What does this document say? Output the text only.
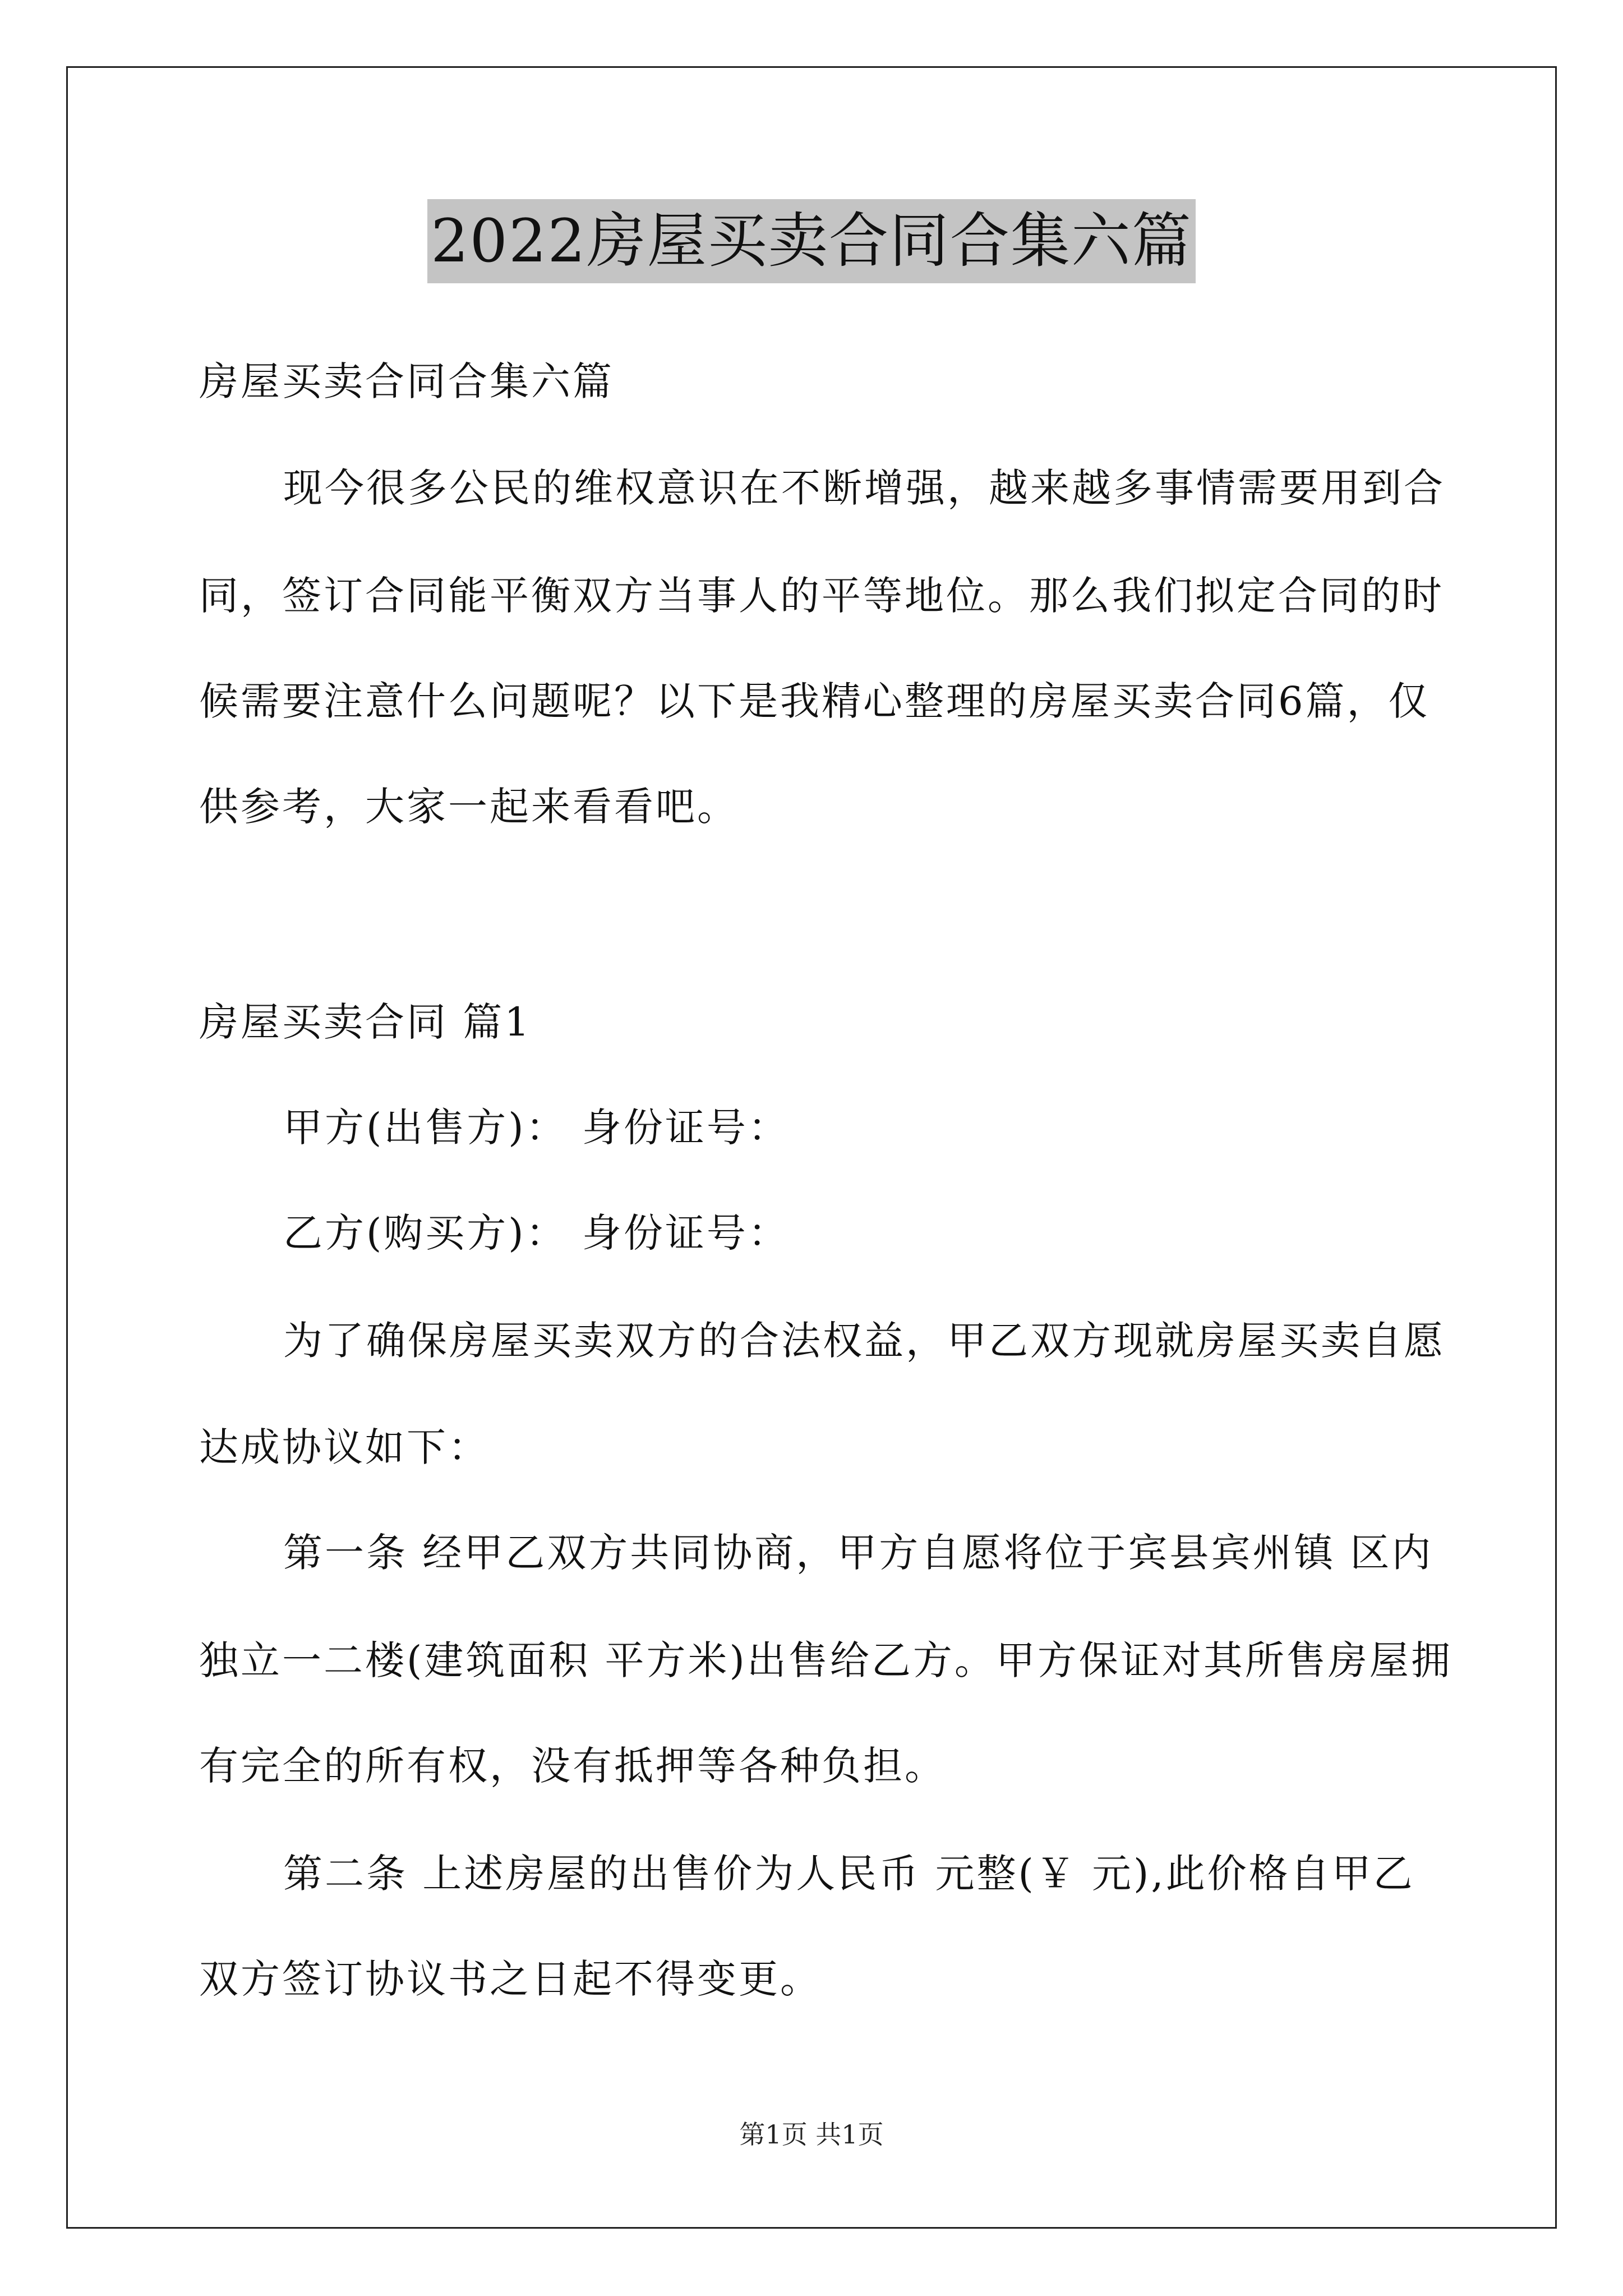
2022房屋买卖合同合集六篇
房屋买卖合同合集六篇
现今很多公民的维权意识在不断增强，越来越多事情需要用到合
同，签订合同能平衡双方当事人的平等地位。那么我们拟定合同的时
候需要注意什么问题呢？以下是我精心整理的房屋买卖合同6篇，仅
供参考，大家一起来看看吧。
房屋买卖合同 篇1
甲方(出售方)： 身份证号：
乙方(购买方)： 身份证号：
为了确保房屋买卖双方的合法权益，甲乙双方现就房屋买卖自愿
达成协议如下：
第一条 经甲乙双方共同协商，甲方自愿将位于宾县宾州镇 区内
独立一二楼(建筑面积 平方米)出售给乙方。甲方保证对其所售房屋拥
有完全的所有权，没有抵押等各种负担。
第二条 上述房屋的出售价为人民币 元整(￥ 元),此价格自甲乙
双方签订协议书之日起不得变更。
第1页 共1页
